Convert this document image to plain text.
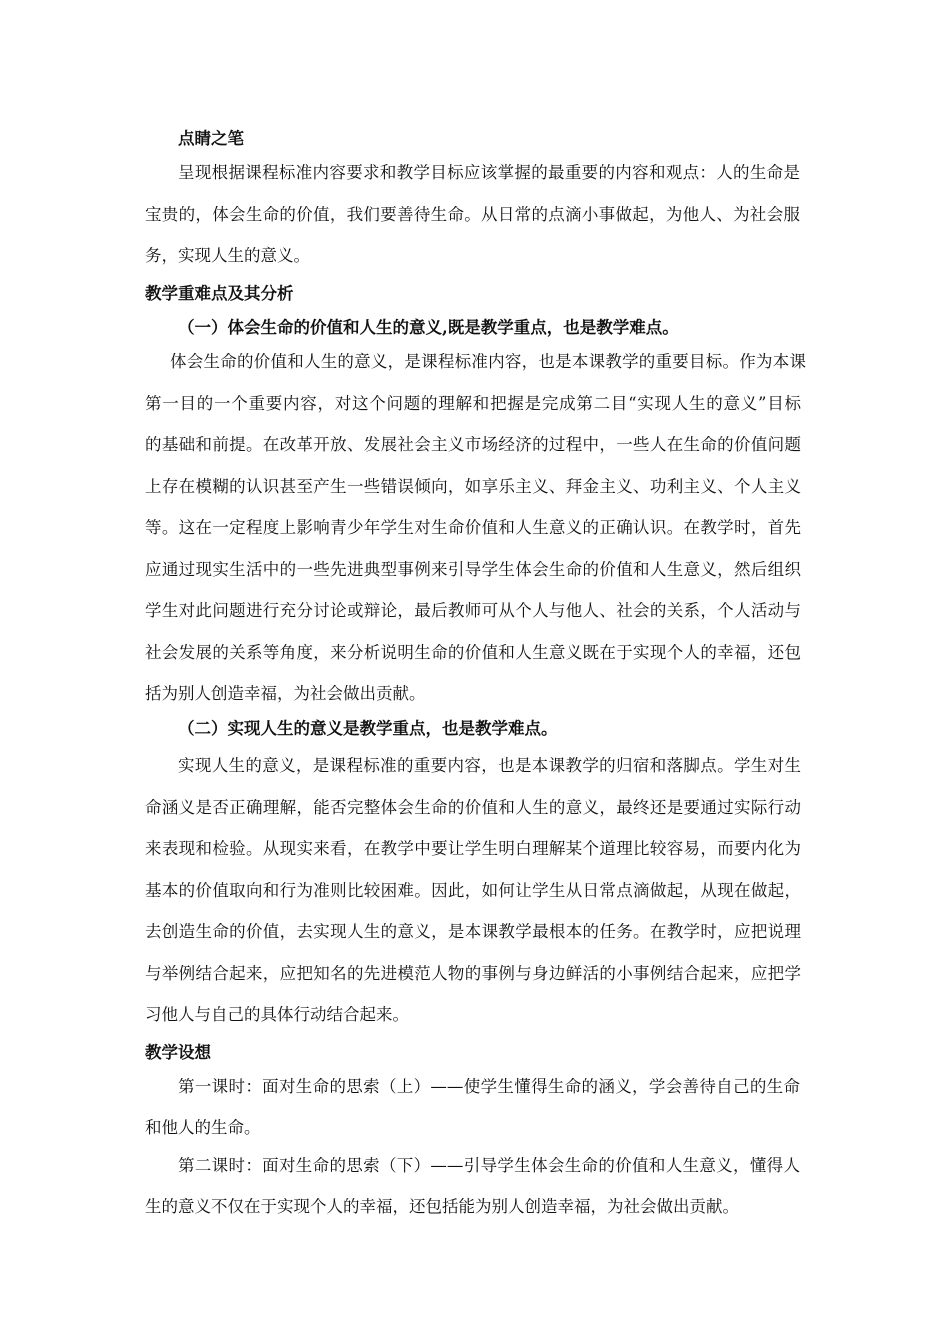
点睛之笔

呈现根据课程标准内容要求和教学目标应该掌握的最重要的内容和观点：人的生命是

宝贵的，体会生命的价值，我们要善待生命。从日常的点滴小事做起，为他人、为社会服

务，实现人生的意义。

教学重难点及其分析

（一）体会生命的价值和人生的意义,既是教学重点，也是教学难点。

体会生命的价值和人生的意义，是课程标准内容，也是本课教学的重要目标。作为本课

第一目的一个重要内容，对这个问题的理解和把握是完成第二目“实现人生的意义”目标

的基础和前提。在改革开放、发展社会主义市场经济的过程中，一些人在生命的价值问题

上存在模糊的认识甚至产生一些错误倾向，如享乐主义、拜金主义、功利主义、个人主义

等。这在一定程度上影响青少年学生对生命价值和人生意义的正确认识。在教学时，首先

应通过现实生活中的一些先进典型事例来引导学生体会生命的价值和人生意义，然后组织

学生对此问题进行充分讨论或辩论，最后教师可从个人与他人、社会的关系，个人活动与

社会发展的关系等角度，来分析说明生命的价值和人生意义既在于实现个人的幸福，还包

括为别人创造幸福，为社会做出贡献。

（二）实现人生的意义是教学重点，也是教学难点。

实现人生的意义，是课程标准的重要内容，也是本课教学的归宿和落脚点。学生对生

命涵义是否正确理解，能否完整体会生命的价值和人生的意义，最终还是要通过实际行动

来表现和检验。从现实来看，在教学中要让学生明白理解某个道理比较容易，而要内化为

基本的价值取向和行为准则比较困难。因此，如何让学生从日常点滴做起，从现在做起，

去创造生命的价值，去实现人生的意义，是本课教学最根本的任务。在教学时，应把说理

与举例结合起来，应把知名的先进模范人物的事例与身边鲜活的小事例结合起来，应把学

习他人与自己的具体行动结合起来。

教学设想

第一课时：面对生命的思索（上）——使学生懂得生命的涵义，学会善待自己的生命

和他人的生命。

第二课时：面对生命的思索（下）——引导学生体会生命的价值和人生意义，懂得人

生的意义不仅在于实现个人的幸福，还包括能为别人创造幸福，为社会做出贡献。
